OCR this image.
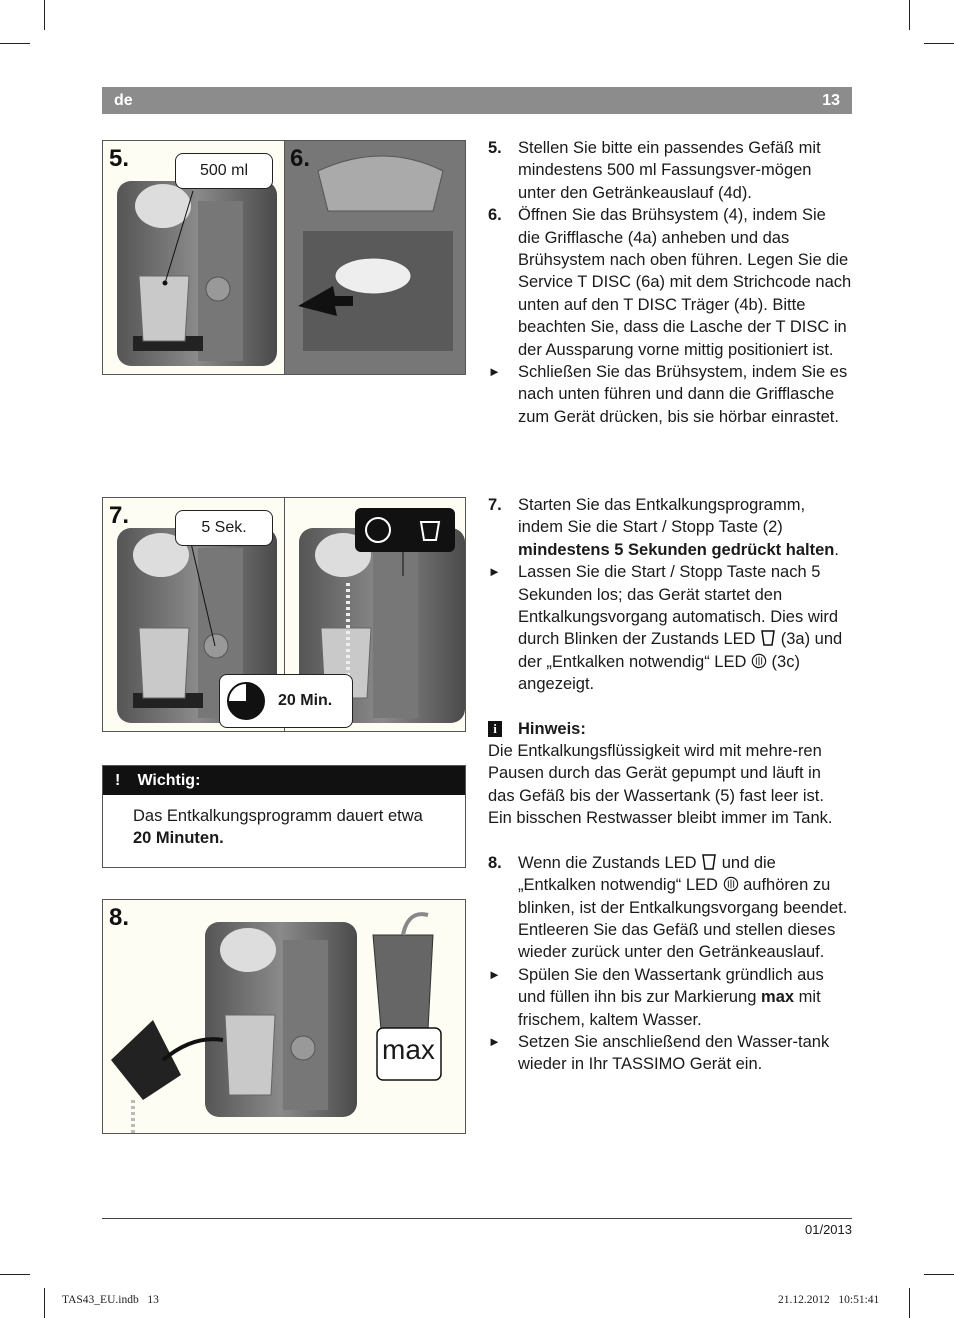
de	13
5.	6.
500 ml
7.	5 Sek.
20 Min.
! Wichtig:
Das Entkalkungsprogramm dauert etwa 20 Minuten.
8.
max
5. Stellen Sie bitte ein passendes Gefäß mit mindestens 500 ml Fassungsver-mögen unter den Getränkeauslauf (4d).
6. Öffnen Sie das Brühsystem (4), indem Sie die Grifflasche (4a) anheben und das Brühsystem nach oben führen. Legen Sie die Service T DISC (6a) mit dem Strichcode nach unten auf den T DISC Träger (4b). Bitte beachten Sie, dass die Lasche der T DISC in der Aussparung vorne mittig positioniert ist.
► Schließen Sie das Brühsystem, indem Sie es nach unten führen und dann die Grifflasche zum Gerät drücken, bis sie hörbar einrastet.
7. Starten Sie das Entkalkungsprogramm, indem Sie die Start / Stopp Taste (2) mindestens 5 Sekunden gedrückt halten.
► Lassen Sie die Start / Stopp Taste nach 5 Sekunden los; das Gerät startet den Entkalkungsvorgang automatisch. Dies wird durch Blinken der Zustands LED  (3a) und der „Entkalken notwendig“ LED  (3c) angezeigt.
i	Hinweis:
Die Entkalkungsflüssigkeit wird mit mehre-ren Pausen durch das Gerät gepumpt und läuft in das Gefäß bis der Wassertank (5) fast leer ist. Ein bisschen Restwasser bleibt immer im Tank.
8. Wenn die Zustands LED  und die „Entkalken notwendig“ LED  aufhören zu blinken, ist der Entkalkungsvorgang beendet. Entleeren Sie das Gefäß und stellen dieses wieder zurück unter den Getränkeauslauf.
► Spülen Sie den Wassertank gründlich aus und füllen ihn bis zur Markierung max mit frischem, kaltem Wasser.
► Setzen Sie anschließend den Wasser-tank wieder in Ihr TASSIMO Gerät ein.
01/2013
TAS43_EU.indb   13	21.12.2012   10:51:41
